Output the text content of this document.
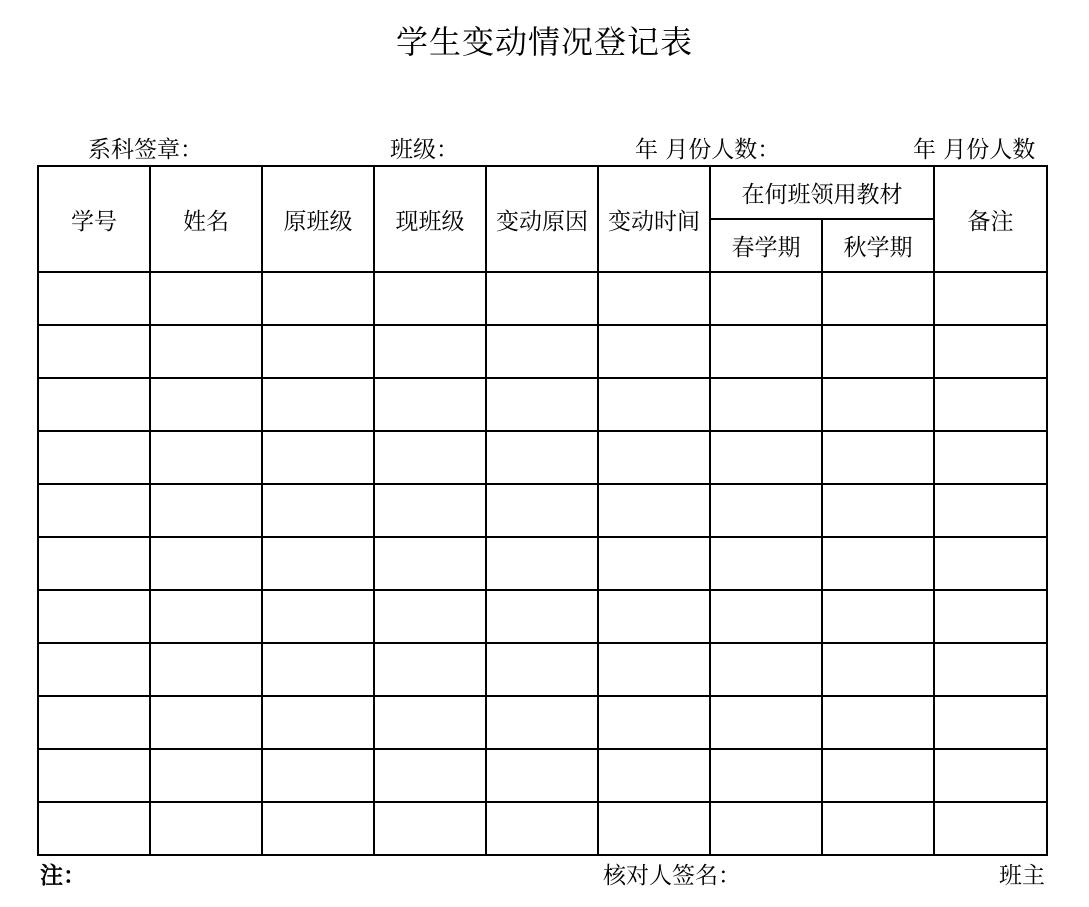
学生变动情况登记表
系科签章：	班级：	年 月份人数：	年 月份人数
学号	姓名	原班级	现班级	变动原因	变动时间	在何班领用教材		备注
						春学期	秋学期	

注：	核对人签名：	班主
